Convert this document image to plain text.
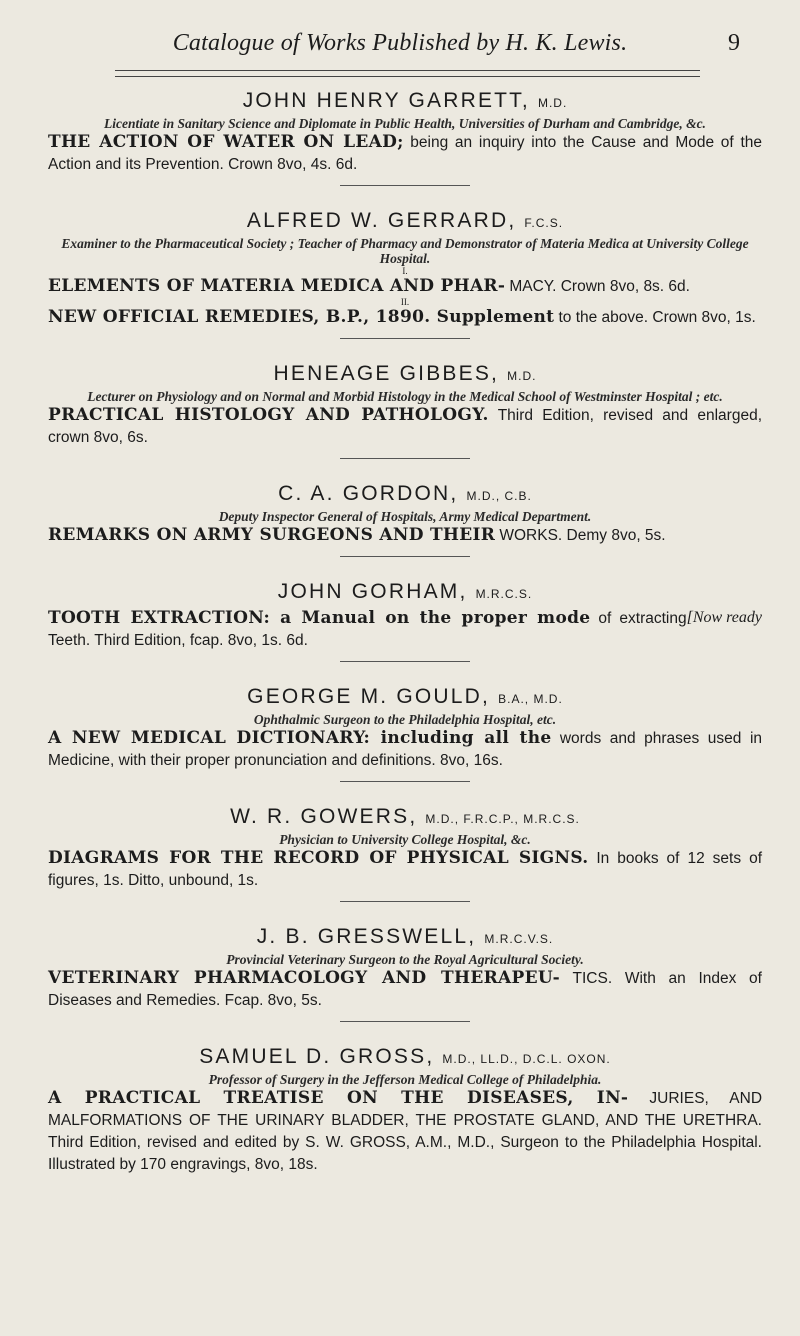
Catalogue of Works Published by H. K. Lewis.	9
JOHN HENRY GARRETT, M.D.
Licentiate in Sanitary Science and Diplomate in Public Health, Universities of Durham and Cambridge, &c.
THE ACTION OF WATER ON LEAD; being an inquiry into the Cause and Mode of the Action and its Prevention. Crown 8vo, 4s. 6d.
ALFRED W. GERRARD, F.C.S.
Examiner to the Pharmaceutical Society ; Teacher of Pharmacy and Demonstrator of Materia Medica at University College Hospital.
I.
ELEMENTS OF MATERIA MEDICA AND PHAR- MACY. Crown 8vo, 8s. 6d.
II.
NEW OFFICIAL REMEDIES, B.P., 1890. Supplement to the above. Crown 8vo, 1s.
HENEAGE GIBBES, M.D.
Lecturer on Physiology and on Normal and Morbid Histology in the Medical School of Westminster Hospital ; etc.
PRACTICAL HISTOLOGY AND PATHOLOGY. Third Edition, revised and enlarged, crown 8vo, 6s.
C. A. GORDON, M.D., C.B.
Deputy Inspector General of Hospitals, Army Medical Department.
REMARKS ON ARMY SURGEONS AND THEIR WORKS. Demy 8vo, 5s.
JOHN GORHAM, M.R.C.S.
[Now ready
TOOTH EXTRACTION: a Manual on the proper mode of extracting Teeth. Third Edition, fcap. 8vo, 1s. 6d.
GEORGE M. GOULD, B.A., M.D.
Ophthalmic Surgeon to the Philadelphia Hospital, etc.
A NEW MEDICAL DICTIONARY: including all the words and phrases used in Medicine, with their proper pronunciation and definitions. 8vo, 16s.
W. R. GOWERS, M.D., F.R.C.P., M.R.C.S.
Physician to University College Hospital, &c.
DIAGRAMS FOR THE RECORD OF PHYSICAL SIGNS. In books of 12 sets of figures, 1s. Ditto, unbound, 1s.
J. B. GRESSWELL, M.R.C.V.S.
Provincial Veterinary Surgeon to the Royal Agricultural Society.
VETERINARY PHARMACOLOGY AND THERAPEU- TICS. With an Index of Diseases and Remedies. Fcap. 8vo, 5s.
SAMUEL D. GROSS, M.D., LL.D., D.C.L. OXON.
Professor of Surgery in the Jefferson Medical College of Philadelphia.
A PRACTICAL TREATISE ON THE DISEASES, IN- JURIES, AND MALFORMATIONS OF THE URINARY BLADDER, THE PROSTATE GLAND, AND THE URETHRA. Third Edition, revised and edited by S. W. GROSS, A.M., M.D., Surgeon to the Philadelphia Hospital. Illustrated by 170 engravings, 8vo, 18s.
